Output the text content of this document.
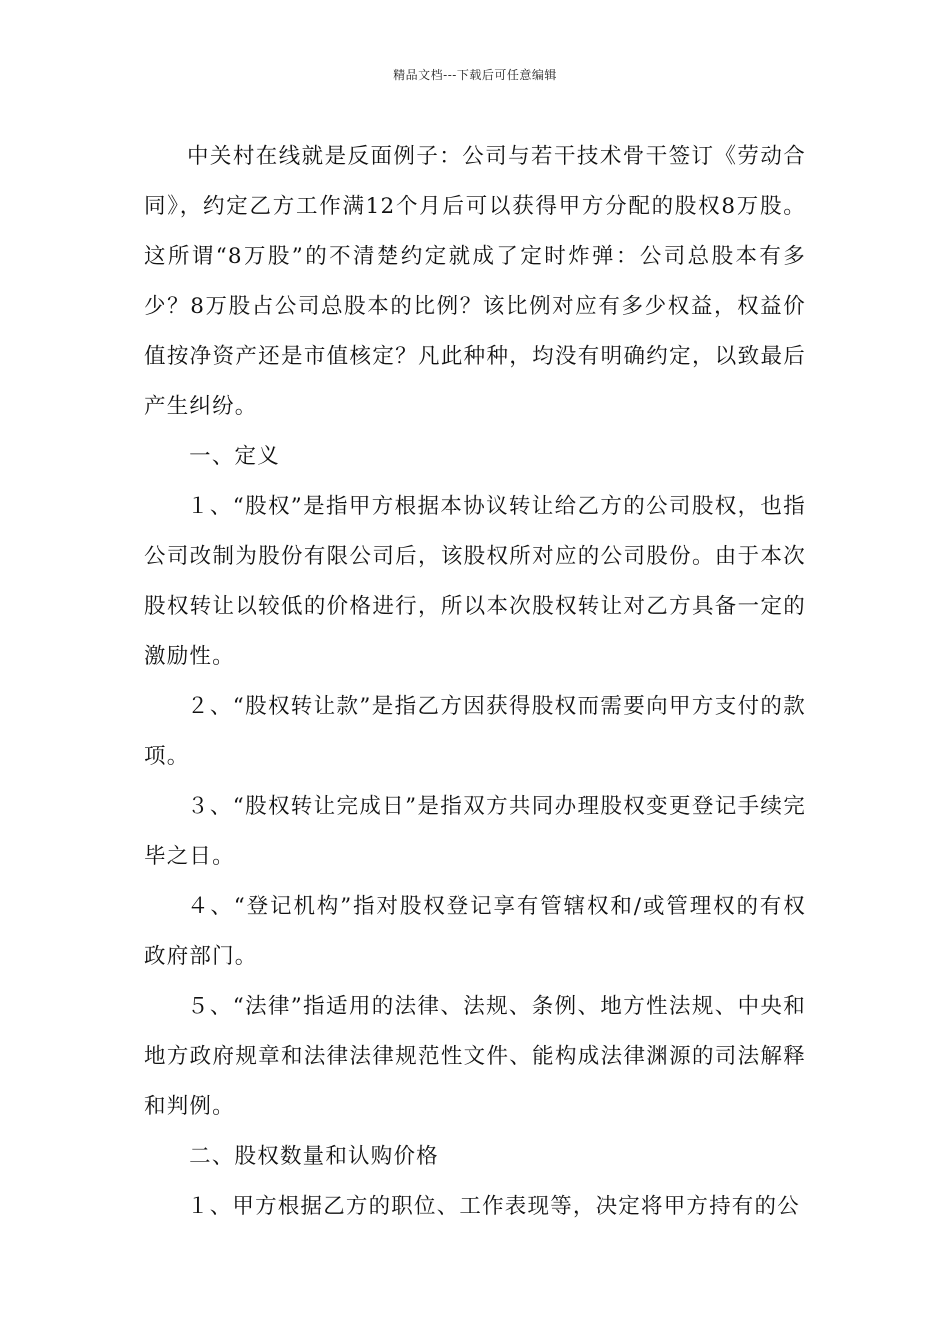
精品文档---下载后可任意编辑

中关村在线就是反面例子：公司与若干技术骨干签订《劳动合同》，约定乙方工作满12个月后可以获得甲方分配的股权8万股。这所谓“8万股”的不清楚约定就成了定时炸弹：公司总股本有多少？8万股占公司总股本的比例？该比例对应有多少权益，权益价值按净资产还是市值核定？凡此种种，均没有明确约定，以致最后产生纠纷。

一、定义

１、“股权”是指甲方根据本协议转让给乙方的公司股权，也指公司改制为股份有限公司后，该股权所对应的公司股份。由于本次股权转让以较低的价格进行，所以本次股权转让对乙方具备一定的激励性。

２、“股权转让款”是指乙方因获得股权而需要向甲方支付的款项。

３、“股权转让完成日”是指双方共同办理股权变更登记手续完毕之日。

４、“登记机构”指对股权登记享有管辖权和/或管理权的有权政府部门。

５、“法律”指适用的法律、法规、条例、地方性法规、中央和地方政府规章和法律法律规范性文件、能构成法律渊源的司法解释和判例。

二、股权数量和认购价格

１、甲方根据乙方的职位、工作表现等，决定将甲方持有的公
